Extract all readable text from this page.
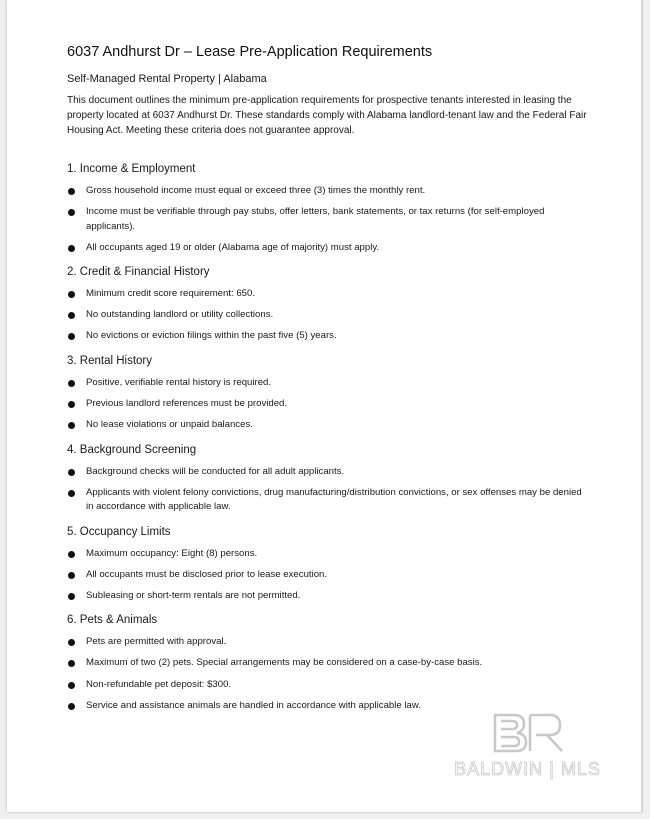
6037 Andhurst Dr – Lease Pre-Application Requirements
Self-Managed Rental Property | Alabama

This document outlines the minimum pre-application requirements for prospective tenants interested in leasing the property located at 6037 Andhurst Dr. These standards comply with Alabama landlord-tenant law and the Federal Fair Housing Act. Meeting these criteria does not guarantee approval.

1. Income & Employment
Gross household income must equal or exceed three (3) times the monthly rent.
Income must be verifiable through pay stubs, offer letters, bank statements, or tax returns (for self-employed applicants).
All occupants aged 19 or older (Alabama age of majority) must apply.
2. Credit & Financial History
Minimum credit score requirement: 650.
No outstanding landlord or utility collections.
No evictions or eviction filings within the past five (5) years.
3. Rental History
Positive, verifiable rental history is required.
Previous landlord references must be provided.
No lease violations or unpaid balances.
4. Background Screening
Background checks will be conducted for all adult applicants.
Applicants with violent felony convictions, drug manufacturing/distribution convictions, or sex offenses may be denied in accordance with applicable law.
5. Occupancy Limits
Maximum occupancy: Eight (8) persons.
All occupants must be disclosed prior to lease execution.
Subleasing or short-term rentals are not permitted.
6. Pets & Animals
Pets are permitted with approval.
Maximum of two (2) pets. Special arrangements may be considered on a case-by-case basis.
Non-refundable pet deposit: $300.
Service and assistance animals are handled in accordance with applicable law.
BALDWIN | MLS
